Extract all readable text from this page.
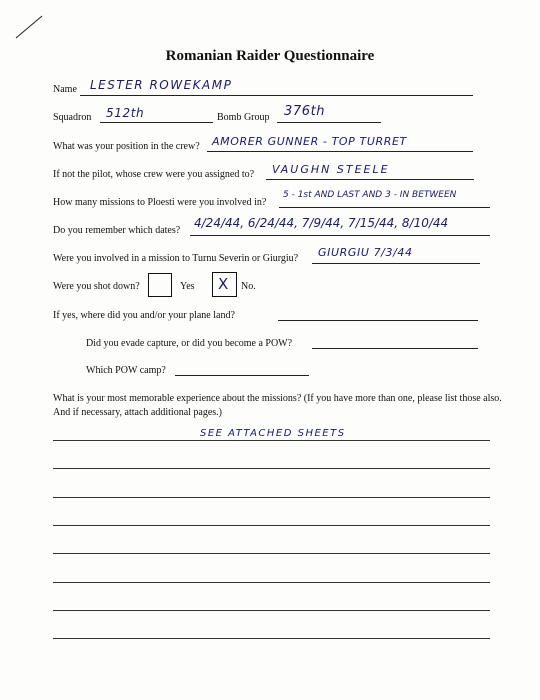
Romanian Raider Questionnaire
Name LESTER ROWEKAMP
Squadron 512th	Bomb Group 376th
What was your position in the crew? AMORER GUNNER - TOP TURRET
If not the pilot, whose crew were you assigned to? VAUGHN STEELE
How many missions to Ploesti were you involved in?
5 - 1st AND LAST AND 3 - IN BETWEEN
Do you remember which dates?
4/24/44, 6/24/44, 7/9/44, 7/15/44, 8/10/44
Were you involved in a mission to Turnu Severin or Giurgiu? GIURGIU 7/3/44
Were you shot down?	Yes X No.
If yes, where did you and/or your plane land?
Did you evade capture, or did you become a POW?
Which POW camp?
What is your most memorable experience about the missions? (If you have more than one, please list those also. And if necessary, attach additional pages.)
SEE ATTACHED SHEETS
